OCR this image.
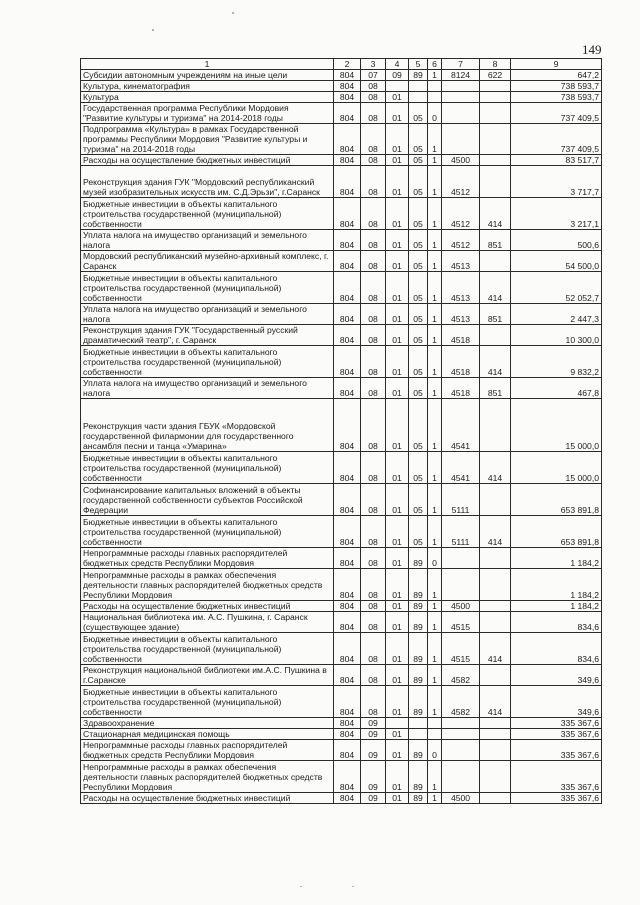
149
1	2	3	4	5	6	7	8	9
Субсидии автономным учреждениям на иные цели	804	07	09	89	1	8124	622	647,2
Культура, кинематография	804	08						738 593,7
Культура	804	08	01					738 593,7
Государственная программа Республики Мордовия "Развитие культуры и туризма" на 2014-2018 годы	804	08	01	05	0			737 409,5
Подпрограмма «Культура» в рамках Государственной программы Республики Мордовия "Развитие культуры и туризма" на 2014-2018 годы	804	08	01	05	1			737 409,5
Расходы на осуществление бюджетных инвестиций	804	08	01	05	1	4500		83 517,7
Реконструкция здания ГУК "Мордовский республиканский музей изобразительных искусств им. С.Д.Эрьзи", г.Саранск	804	08	01	05	1	4512		3 717,7
Бюджетные инвестиции в объекты капитального строительства государственной (муниципальной) собственности	804	08	01	05	1	4512	414	3 217,1
Уплата налога на имущество организаций и земельного налога	804	08	01	05	1	4512	851	500,6
Мордовский республиканский музейно-архивный комплекс, г. Саранск	804	08	01	05	1	4513		54 500,0
Бюджетные инвестиции в объекты капитального строительства государственной (муниципальной) собственности	804	08	01	05	1	4513	414	52 052,7
Уплата налога на имущество организаций и земельного налога	804	08	01	05	1	4513	851	2 447,3
Реконструкция здания ГУК "Государственный русский драматический театр", г. Саранск	804	08	01	05	1	4518		10 300,0
Бюджетные инвестиции в объекты капитального строительства государственной (муниципальной) собственности	804	08	01	05	1	4518	414	9 832,2
Уплата налога на имущество организаций и земельного налога	804	08	01	05	1	4518	851	467,8
Реконструкция части здания ГБУК «Мордовской государственной филармонии для государственного ансамбля песни и танца «Умарина»	804	08	01	05	1	4541		15 000,0
Бюджетные инвестиции в объекты капитального строительства государственной (муниципальной) собственности	804	08	01	05	1	4541	414	15 000,0
Софинансирование капитальных вложений в объекты государственной собственности субъектов Российской Федерации	804	08	01	05	1	5111		653 891,8
Бюджетные инвестиции в объекты капитального строительства государственной (муниципальной) собственности	804	08	01	05	1	5111	414	653 891,8
Непрограммные расходы главных распорядителей бюджетных средств Республики Мордовия	804	08	01	89	0			1 184,2
Непрограммные расходы в рамках обеспечения деятельности главных распорядителей бюджетных средств Республики Мордовия	804	08	01	89	1			1 184,2
Расходы на осуществление бюджетных инвестиций	804	08	01	89	1	4500		1 184,2
Национальная библиотека им. А.С. Пушкина, г. Саранск (существующее здание)	804	08	01	89	1	4515		834,6
Бюджетные инвестиции в объекты капитального строительства государственной (муниципальной) собственности	804	08	01	89	1	4515	414	834,6
Реконструкция национальной библиотеки им.А.С. Пушкина в г.Саранске	804	08	01	89	1	4582		349,6
Бюджетные инвестиции в объекты капитального строительства государственной (муниципальной) собственности	804	08	01	89	1	4582	414	349,6
Здравоохранение	804	09						335 367,6
Стационарная медицинская помощь	804	09	01					335 367,6
Непрограммные расходы главных распорядителей бюджетных средств Республики Мордовия	804	09	01	89	0			335 367,6
Непрограммные расходы в рамках обеспечения деятельности главных распорядителей бюджетных средств Республики Мордовия	804	09	01	89	1			335 367,6
Расходы на осуществление бюджетных инвестиций	804	09	01	89	1	4500		335 367,6
